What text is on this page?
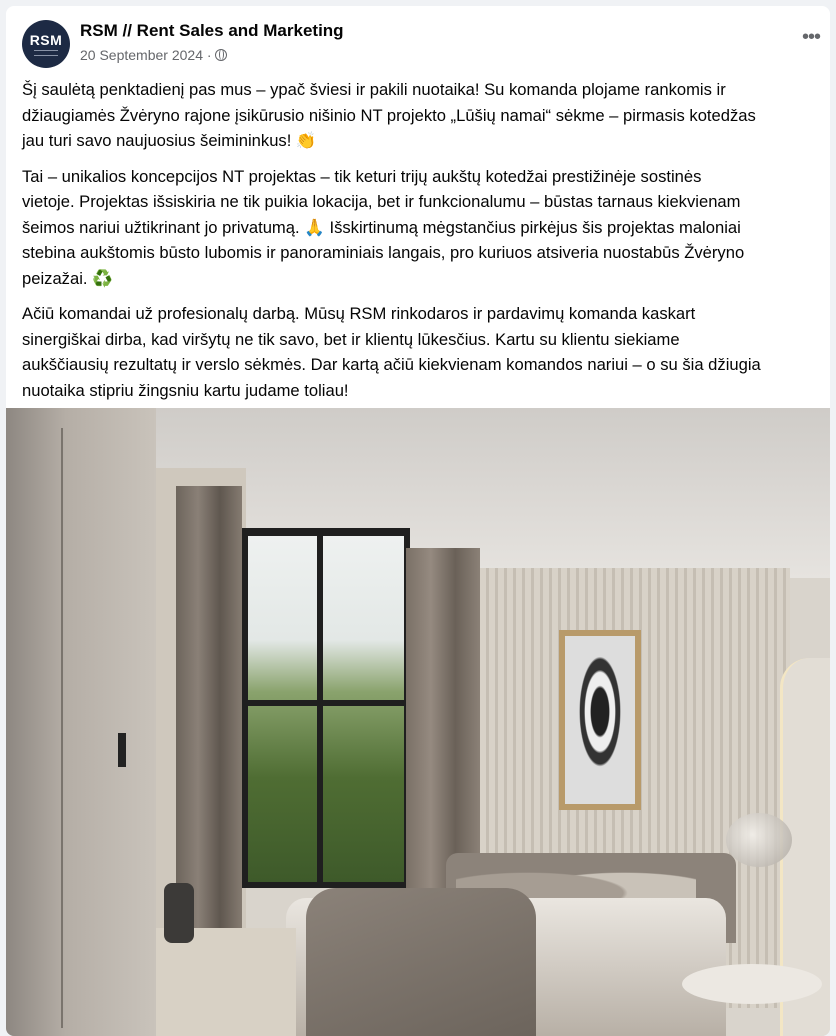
RSM RSM // Rent Sales and Marketing
20 September 2024 ·
•••

Šį saulėtą penktadienį pas mus – ypač šviesi ir pakili nuotaika! Su komanda plojame rankomis ir
džiaugiamės Žvėryno rajone įsikūrusio nišinio NT projekto „Lūšių namai“ sėkme – pirmasis kotedžas
jau turi savo naujuosius šeimininkus! 👏

Tai – unikalios koncepcijos NT projektas – tik keturi trijų aukštų kotedžai prestižinėje sostinės
vietoje. Projektas išsiskiria ne tik puikia lokacija, bet ir funkcionalumu – būstas tarnaus kiekvienam
šeimos nariui užtikrinant jo privatumą. 🙏 Išskirtinumą mėgstančius pirkėjus šis projektas maloniai
stebina aukštomis būsto lubomis ir panoraminiais langais, pro kuriuos atsiveria nuostabūs Žvėryno
peizažai. ♻️

Ačiū komandai už profesionalų darbą. Mūsų RSM rinkodaros ir pardavimų komanda kaskart
sinergiškai dirba, kad viršytų ne tik savo, bet ir klientų lūkesčius. Kartu su klientu siekiame
aukščiausių rezultatų ir verslo sėkmės. Dar kartą ačiū kiekvienam komandos nariui – o su šia džiugia
nuotaika stipriu žingsniu kartu judame toliau!
